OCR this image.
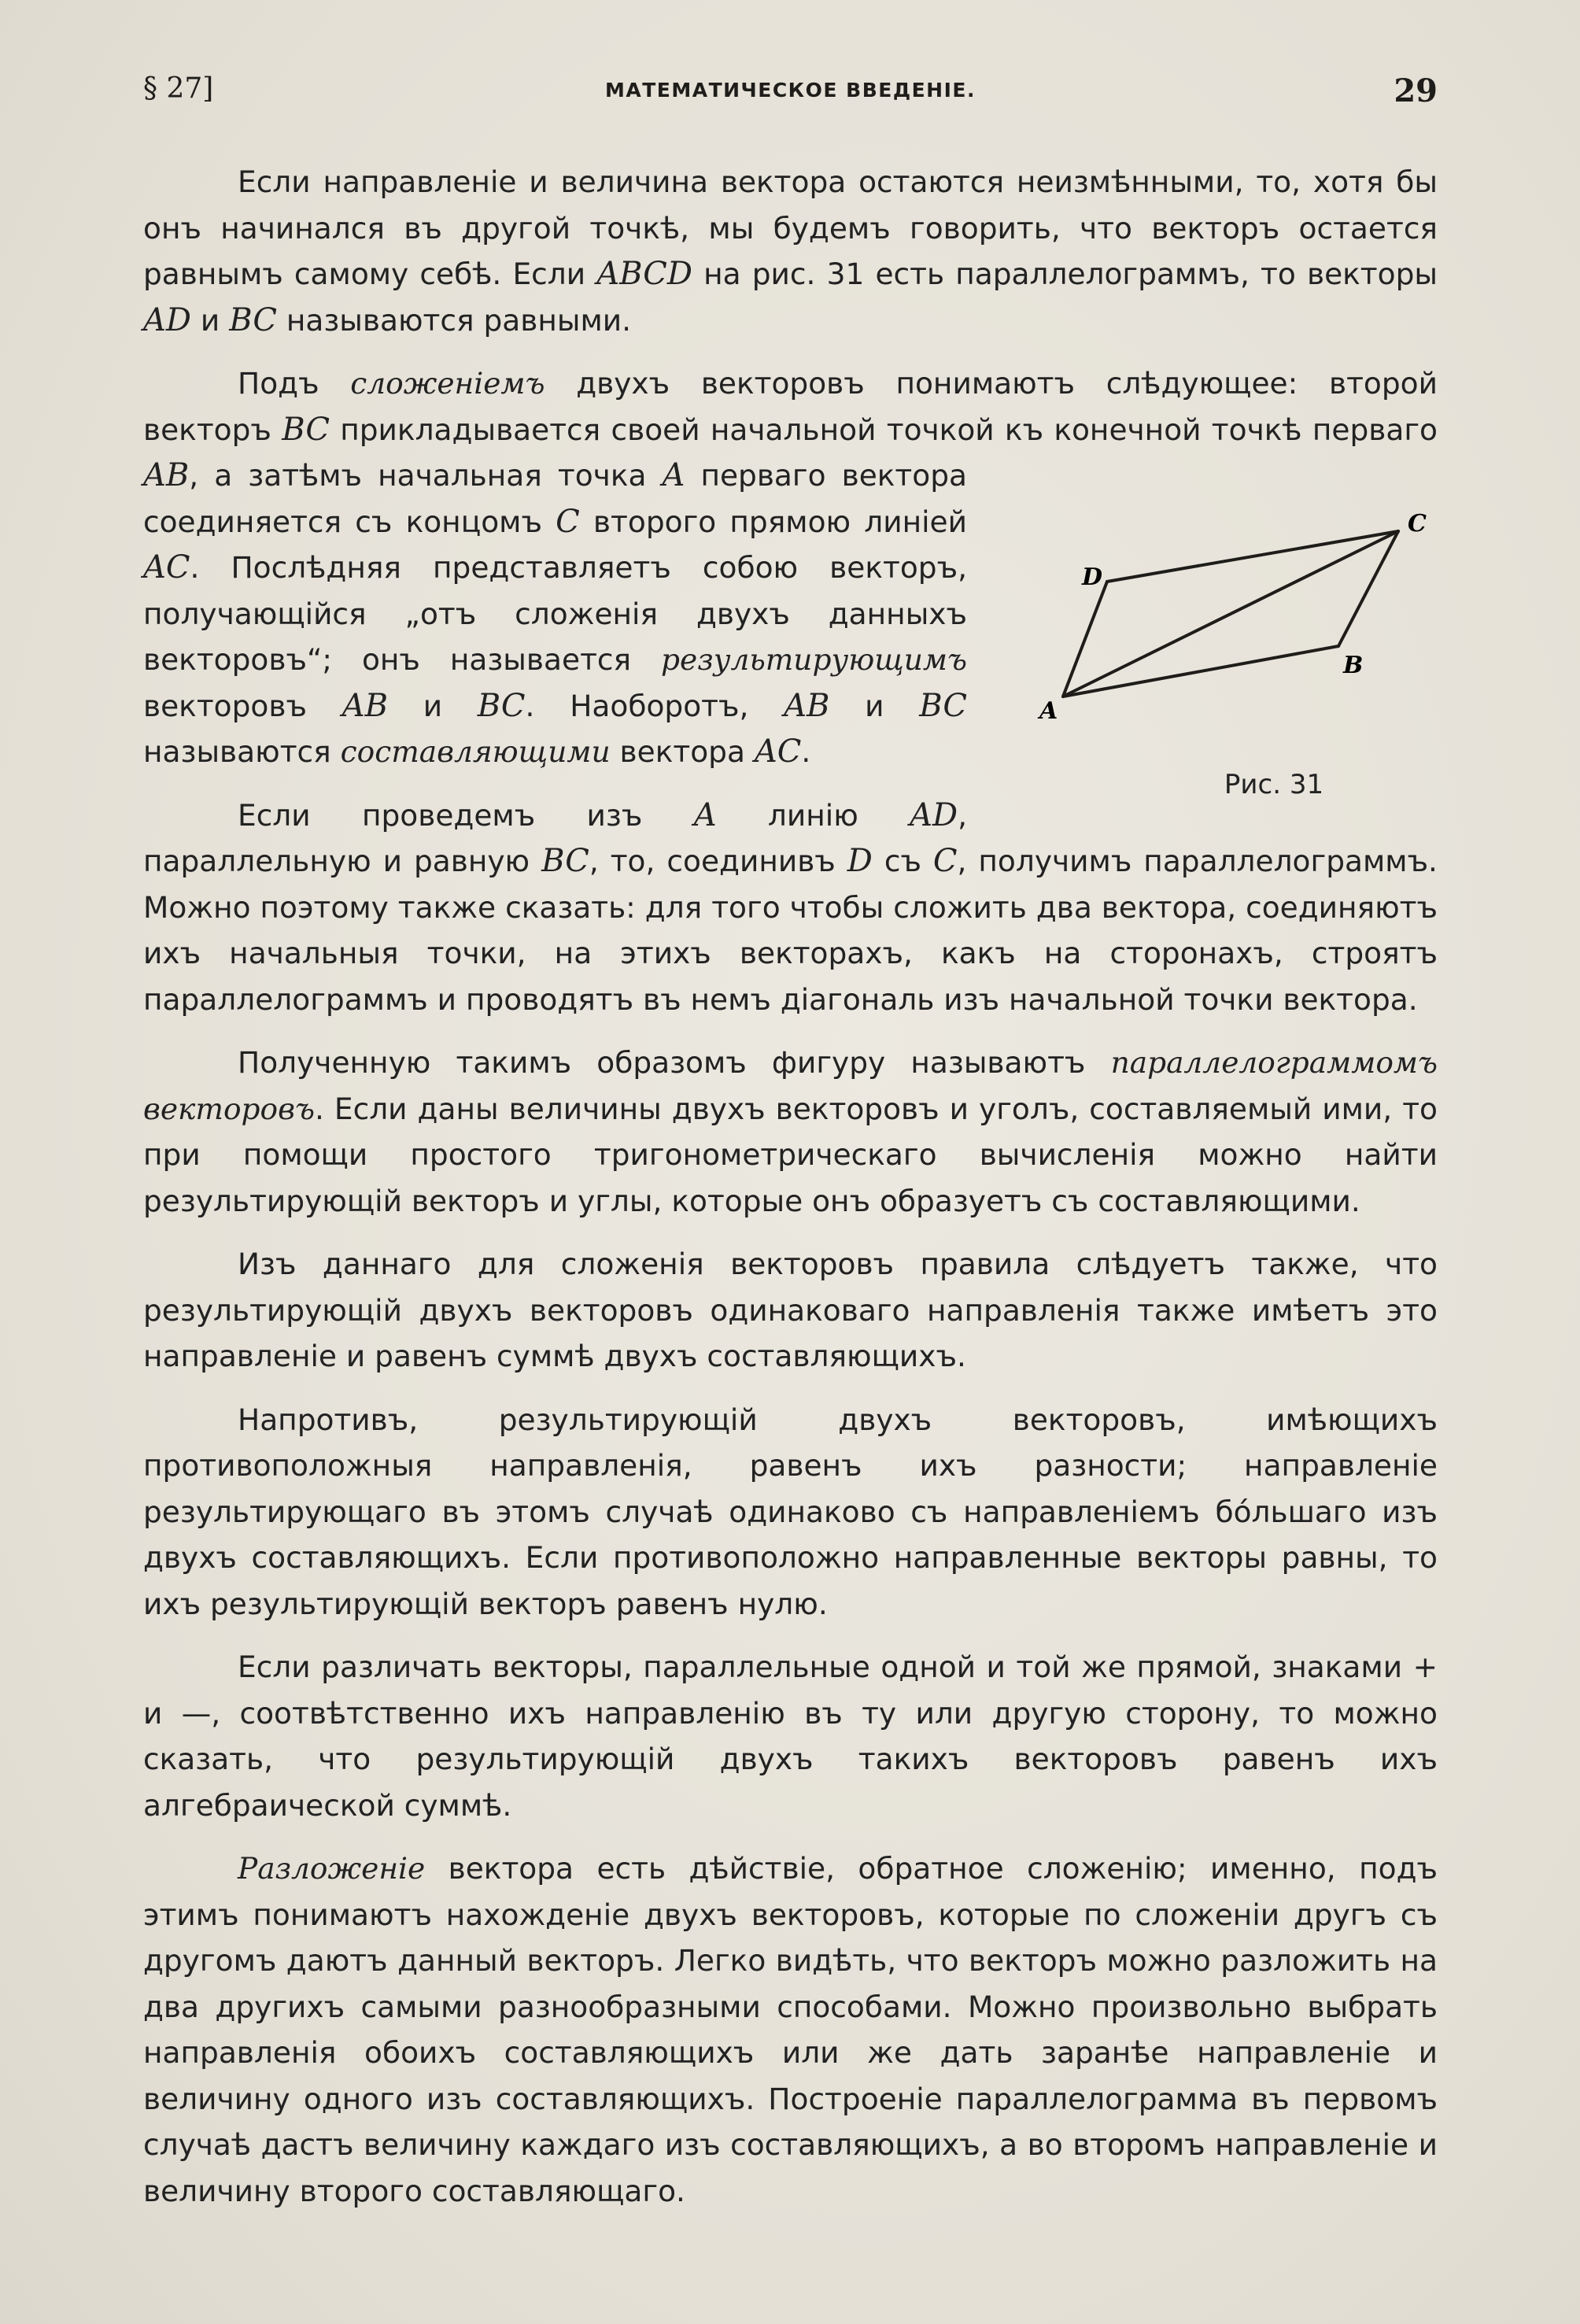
§ 27]	МАТЕМАТИЧЕСКОЕ ВВЕДЕНІЕ.	29

Если направленіе и величина вектора остаются неизмѣнными, то, хотя бы онъ начинался въ другой точкѣ, мы будемъ говорить, что векторъ остается равнымъ самому себѣ. Если ABCD на рис. 31 есть параллелограммъ, то векторы AD и BC называются равными.

Подъ сложеніемъ двухъ векторовъ понимаютъ слѣдующее: второй векторъ BC прикладывается своей начальной точкой къ конечной точкѣ перваго
A
B
C
D
Рис. 31
AB, а затѣмъ начальная точка A перваго вектора соединяется съ концомъ C второго прямою линіей AC. Послѣдняя представляетъ собою векторъ, получающійся „отъ сложенія двухъ данныхъ векторовъ“; онъ называется результирующимъ векторовъ AB и BC. Наоборотъ, AB и BC называются составляющими вектора AC.

Если проведемъ изъ A линію AD, параллельную и равную BC, то, соединивъ D съ C, получимъ параллелограммъ. Можно поэтому также сказать: для того чтобы сложить два вектора, соединяютъ ихъ начальныя точки, на этихъ векторахъ, какъ на сторонахъ, строятъ параллелограммъ и проводятъ въ немъ діагональ изъ начальной точки вектора.

Полученную такимъ образомъ фигуру называютъ параллелограммомъ векторовъ. Если даны величины двухъ векторовъ и уголъ, составляемый ими, то при помощи простого тригонометрическаго вычисленія можно найти результирующій векторъ и углы, которые онъ образуетъ съ составляющими.

Изъ даннаго для сложенія векторовъ правила слѣдуетъ также, что результирующій двухъ векторовъ одинаковаго направленія также имѣетъ это направленіе и равенъ суммѣ двухъ составляющихъ.

Напротивъ, результирующій двухъ векторовъ, имѣющихъ противоположныя направленія, равенъ ихъ разности; направленіе результирующаго въ этомъ случаѣ одинаково съ направленіемъ бóльшаго изъ двухъ составляющихъ. Если противоположно направленные векторы равны, то ихъ результирующій векторъ равенъ нулю.

Если различать векторы, параллельные одной и той же прямой, знаками + и —, соотвѣтственно ихъ направленію въ ту или другую сторону, то можно сказать, что результирующій двухъ такихъ векторовъ равенъ ихъ алгебраической суммѣ.

Разложеніе вектора есть дѣйствіе, обратное сложенію; именно, подъ этимъ понимаютъ нахожденіе двухъ векторовъ, которые по сложеніи другъ съ другомъ даютъ данный векторъ. Легко видѣть, что векторъ можно разложить на два другихъ самыми разнообразными способами. Можно произвольно выбрать направленія обоихъ составляющихъ или же дать заранѣе направленіе и величину одного изъ составляющихъ. Построеніе параллелограмма въ первомъ случаѣ дастъ величину каждаго изъ составляющихъ, а во второмъ направленіе и величину второго составляющаго.
